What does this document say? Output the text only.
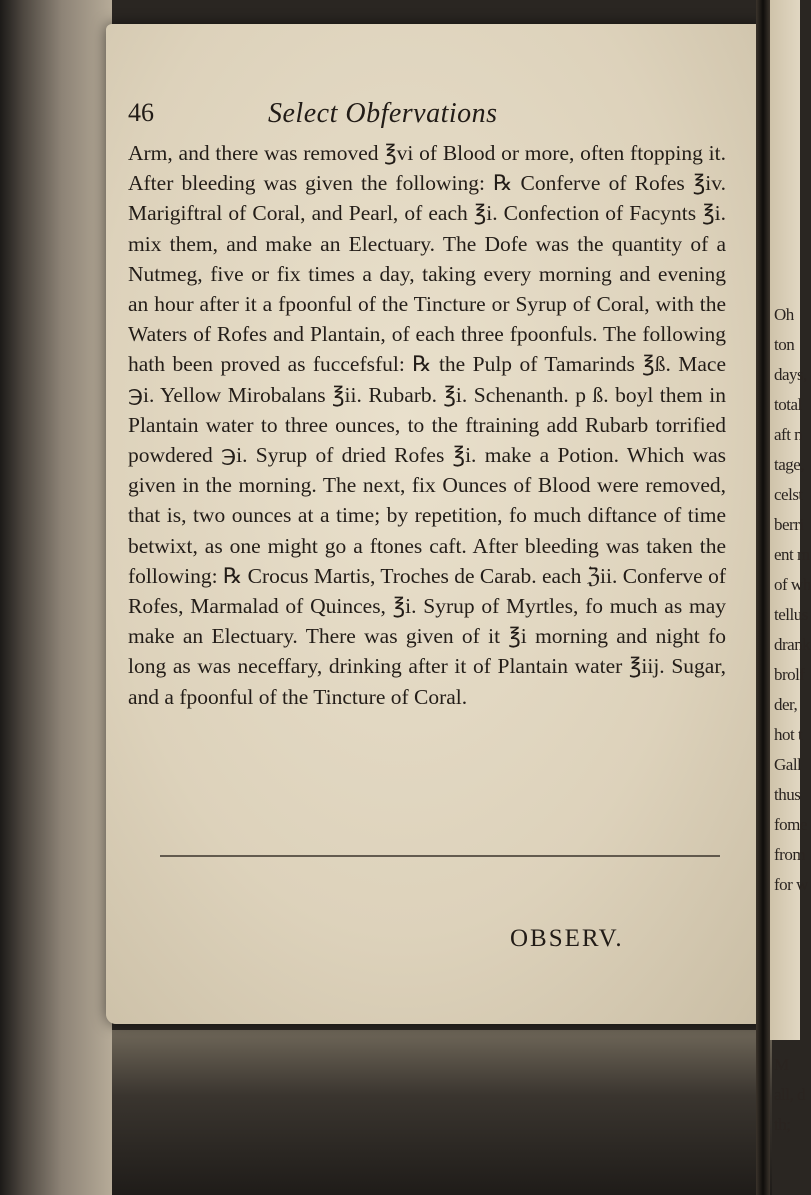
46	Select Obfervations

Arm, and there was removed ℥vi of Blood or more, often ftopping it. After bleeding was given the following: ℞ Conferve of Rofes ℥iv. Marigiftral of Coral, and Pearl, of each ℥i. Confection of Facynts ℥i. mix them, and make an Electuary. The Dofe was the quantity of a Nutmeg, five or fix times a day, taking every morning and evening an hour after it a fpoonful of the Tincture or Syrup of Coral, with the Waters of Rofes and Plantain, of each three fpoonfuls. The following hath been proved as fuccefsful: ℞ the Pulp of Tamarinds ℥ß. Mace ℈i. Yellow Mirobalans ℥ii. Rubarb. ℥i. Schenanth. p ß. boyl them in Plantain water to three ounces, to the ftraining add Rubarb torrified powdered ℈i. Syrup of dried Rofes ℥i. make a Potion. Which was given in the morning. The next, fix Ounces of Blood were removed, that is, two ounces at a time; by repetition, fo much diftance of time betwixt, as one might go a ftones caft. After bleeding was taken the following: ℞ Crocus Martis, Troches de Carab. each ℨii. Conferve of Rofes, Marmalad of Quinces, ℥i. Syrup of Myrtles, fo much as may make an Electuary. There was given of it ℥i morning and night fo long as was neceffary, drinking after it of Plantain water ℥iij. Sugar, and a fpoonful of the Tincture of Coral.

OBSERV.
Oh
ton
days,
total
aft n
tage,
celst
berri
ent m
of wh
tellus
drank
brolf
der,
hot t
Gall
thus
fome
from
for w

M
all, d
th;
